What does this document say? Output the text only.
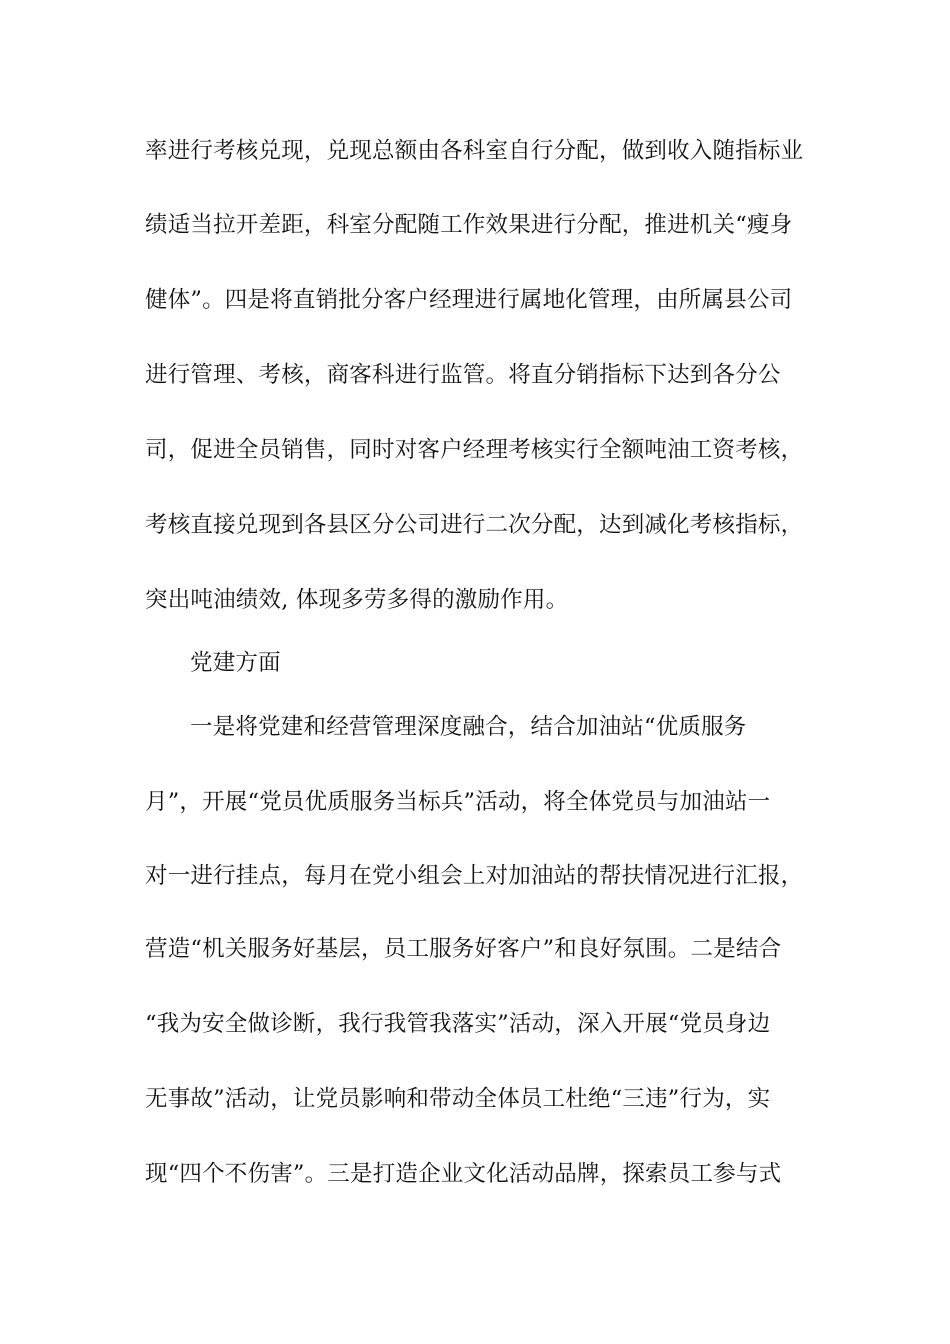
率进行考核兑现，兑现总额由各科室自行分配，做到收入随指标业
绩适当拉开差距，科室分配随工作效果进行分配，推进机关“瘦身
健体”。四是将直销批分客户经理进行属地化管理，由所属县公司
进行管理、考核，商客科进行监管。将直分销指标下达到各分公
司，促进全员销售，同时对客户经理考核实行全额吨油工资考核，
考核直接兑现到各县区分公司进行二次分配，达到减化考核指标，
突出吨油绩效, 体现多劳多得的激励作用。
党建方面
一是将党建和经营管理深度融合，结合加油站“优质服务
月”，开展“党员优质服务当标兵”活动，将全体党员与加油站一
对一进行挂点，每月在党小组会上对加油站的帮扶情况进行汇报，
营造“机关服务好基层，员工服务好客户”和良好氛围。二是结合
“我为安全做诊断，我行我管我落实”活动，深入开展“党员身边
无事故”活动，让党员影响和带动全体员工杜绝“三违”行为，实
现“四个不伤害”。三是打造企业文化活动品牌，探索员工参与式
